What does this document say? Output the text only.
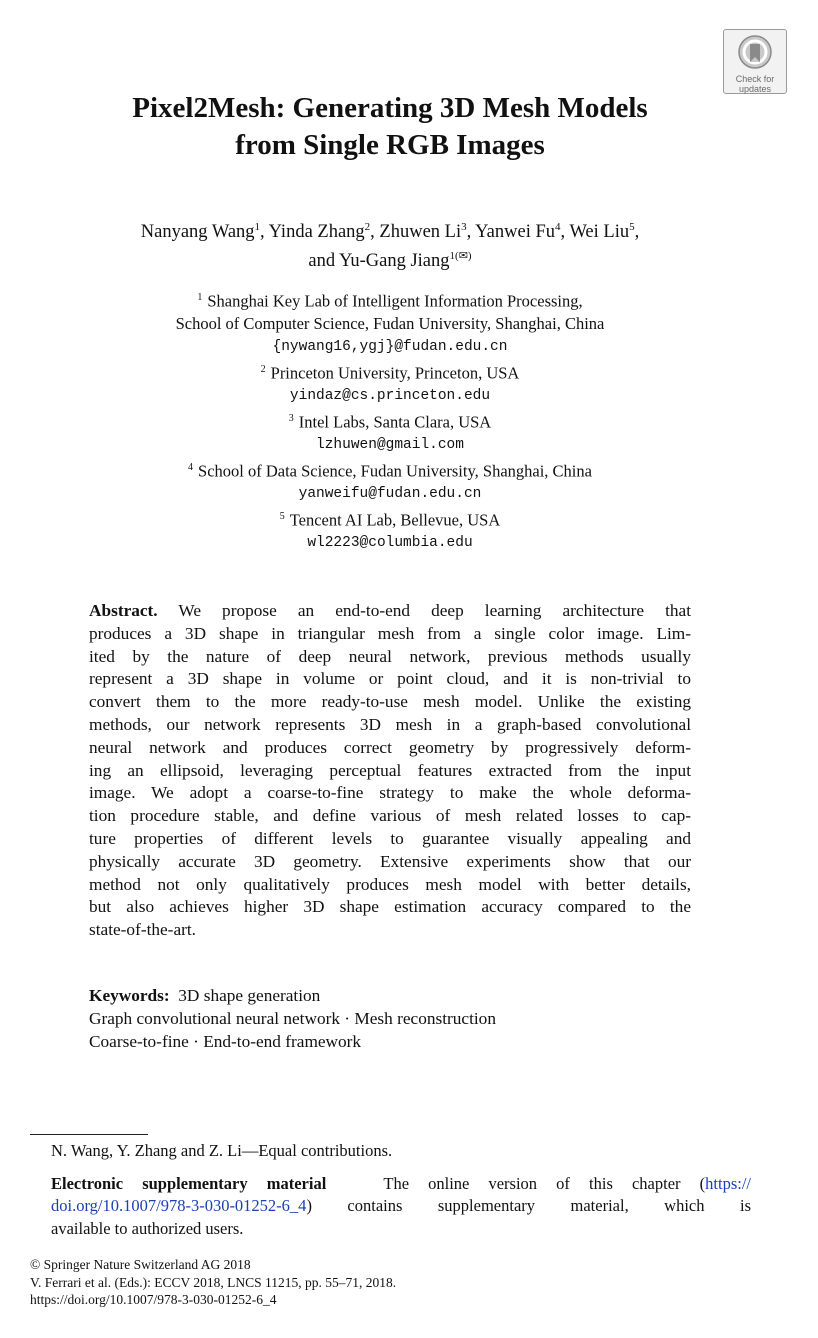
Check for
updates
Pixel2Mesh: Generating 3D Mesh Models
from Single RGB Images
Nanyang Wang$^1$, Yinda Zhang$^2$, Zhuwen Li$^3$, Yanwei Fu$^4$, Wei Liu$^5$,
and Yu-Gang Jiang$^{1(✉)}$
$^1$ Shanghai Key Lab of Intelligent Information Processing,
School of Computer Science, Fudan University, Shanghai, China
{nywang16,ygj}@fudan.edu.cn
$^2$ Princeton University, Princeton, USA
yindaz@cs.princeton.edu
$^3$ Intel Labs, Santa Clara, USA
lzhuwen@gmail.com
$^4$ School of Data Science, Fudan University, Shanghai, China
yanweifu@fudan.edu.cn
$^5$ Tencent AI Lab, Bellevue, USA
wl2223@columbia.edu
Abstract. We propose an end-to-end deep learning architecture that
produces a 3D shape in triangular mesh from a single color image. Lim-
ited by the nature of deep neural network, previous methods usually
represent a 3D shape in volume or point cloud, and it is non-trivial to
convert them to the more ready-to-use mesh model. Unlike the existing
methods, our network represents 3D mesh in a graph-based convolutional
neural network and produces correct geometry by progressively deform-
ing an ellipsoid, leveraging perceptual features extracted from the input
image. We adopt a coarse-to-fine strategy to make the whole deforma-
tion procedure stable, and define various of mesh related losses to cap-
ture properties of different levels to guarantee visually appealing and
physically accurate 3D geometry. Extensive experiments show that our
method not only qualitatively produces mesh model with better details,
but also achieves higher 3D shape estimation accuracy compared to the
state-of-the-art.
Keywords: 3D shape generation
Graph convolutional neural network · Mesh reconstruction
Coarse-to-fine · End-to-end framework
N. Wang, Y. Zhang and Z. Li—Equal contributions.
Electronic supplementary material	The online version of this chapter (https://
doi.org/10.1007/978-3-030-01252-6_4) contains supplementary material, which is
available to authorized users.
© Springer Nature Switzerland AG 2018
V. Ferrari et al. (Eds.): ECCV 2018, LNCS 11215, pp. 55–71, 2018.
https://doi.org/10.1007/978-3-030-01252-6_4
